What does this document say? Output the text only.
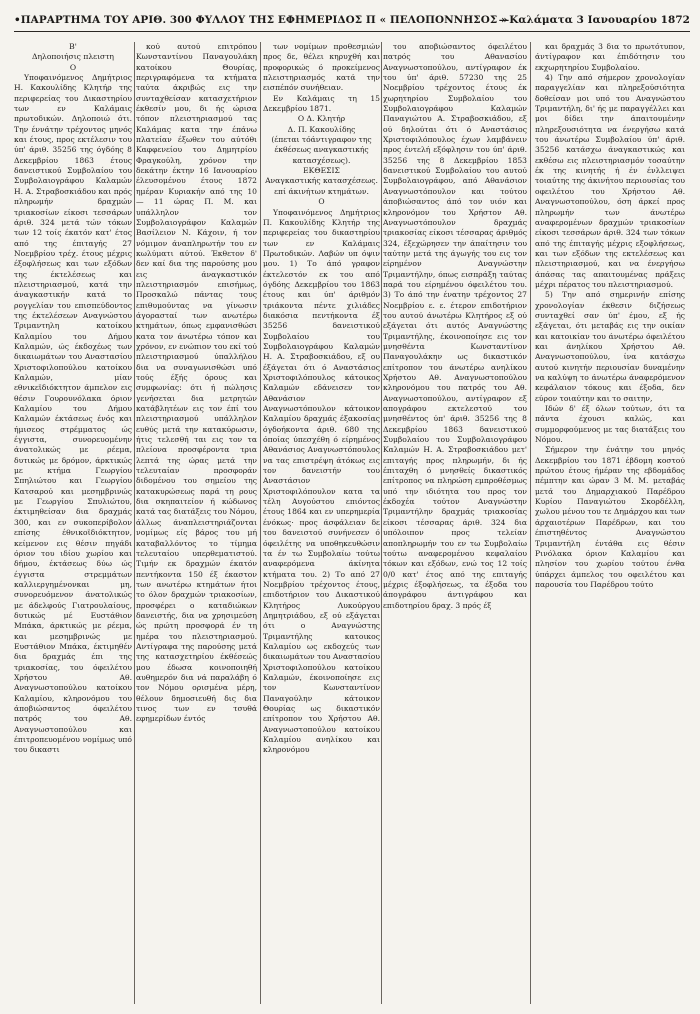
•ΠΑΡΑΡΤΗΜΑ ΤΟΥ ΑΡΙΘ. 300 ΦΥΛΛΟΥ ΤΗΣ ΕΦΗΜΕΡΙΔΟΣ Π « ΠΕΛΟΠΟΝΝΗΣΟΣ »
—Καλάματα 3 Ιανουαρίου 1872

Β'

Δηλοποιήσις πλειστη

Ο

Υποφαινόμενος Δημήτριος Η. Κακουλίδης Κλητήρ της περιφερείας του Δικαστηρίου των εν Καλάμαις πρωτοδικών. Δηλοποιώ ότι. Την έννάτην τρέχοντος μηνός και έτους, προς εκτέλεσιν του ύπ' άριθ. 35256 της όγδόης 8 Δεκεμβρίου 1863 έτους δανειστικού Συμβολαίου του Συμβολαιογράφου Καλαμών Η. Α. Στραβοσκιάδου και πρός πληρωμήν δραχμών τριακοσίων είκοσι τεσσάρων άριθ. 324 μετά τών τόκων των 12 τοίς έκατόν κατ' έτος από της έπιταγής 27 Νοεμβρίου τρέχ. έτους μέχρις έξοφλήσεως και των εξόδων της έκτελέσεως και πλειστηριασμού, κατά την άναγκαστικήν κατά το ρογγελίαν του επισπεύδοντος της έκτελέσεων Αναγνώστου Τριμαντηλη κατοίκου Καλαμίου του Δήμου Καλαμών, ώς έκδοχέως των δικαιωμάτων του Αναστασίου Χριστοφιλοπούλου κατοίκου Καλαμών, μίαν εθνικεϊδιόκτητον άμπελον εις θέσιν Γουρουνόλακα όριον Καλαμίου του Δήμου Καλαμών έκτάσεως ένός και ήμισεος στρέμματος ώς έγγιστα, συνορευομένην άνατολικώς με ρέεμα, δυτικώς με δρόμον, άρκτικώς με κτήμα Γεωργίου Σπηλιώτου και Γεωργίου Κατσαρού και μεσημβρινώς με Γεωργίου Σπυλιώτου, έκτιμηθείσαν δια δραχμάς 300, και εν συκοπερίβολον επίσης έθνικοϊδιόκτητον, κείμενον εις θέσιν πηγάδι όριον του ιδίου χωρίου και δήμου, έκτάσεως δύω ώς έγγιστα στρεμμάτων καλλιεργημένονκαι μη, συνορευόμενον άνατολικώς με άδελφούς Γιατρουλαίους, δυτικώς μέ Ευστάθιον Μπάκα, άρκτικώς με ρέεμα, και μεσημβρινώς με Ευστάθιον Μπάκα, έκτιμηθέν δια δραχμάς έπι της τριακοσίας, του όφειλέτου Χρήστου Αθ. Αναγνωστοπούλου κατοίκου Καλαμίου, κληρονόμου του άποβιώσαντος όφειλέτου πατρός του Αθ. Αναγνωστοπούλου και έπιτροπευομένου νομίμως υπό του δικαστι

κού αυτού επιτρόπου Κωνσταντίνου Παναγουλάκη κατοίκου Θουρίας, περιγραφόμενα τα κτήματα ταύτα άκριβώς εις την συνταχθείσαν κατασχετήριον έκθεσίν μου, δι ής ώρισα τόπον πλειστηριασμού τας Καλάμας κατα την έπάνω πλατείαν έξωθεν του αύτόθι Καφφενείου του Δημητρίου Φραγκούλη, χρόνον την δεκάτην έκτην 16 Ιανουαρίου έλευσομένου έτους 1872 ημέραν Κυριακήν από της 10 — 11 ώρας Π. Μ. και υπάλληλον τον Συμβολαιογράφον Καλαμών Βασίλειον Ν. Κάχοιν, ή τον νόμιμον άναπληρωτήν του εν κωλύματι αύτού. Έκθετον δ' δεν καί δια της παρούσης μου εις άναγκαστικόν πλειστηριασμόν επισήμως, Προσκαλώ πάντας τους επιθυμούντας να γίνωσιν άγορασταί των ανωτέρω κτημάτων, όπως εμφανισθώσι κατα τον άνωτέρω τόπον και χρόνον, εν ενώπιον του εκί τού πλειστηριασμού ύπαλλήλου δια να συναγωνισθώσι υπό τούς έξής όρους και συμφωνίας: ότι ή πώλησις γενήσεται δια μετρητών κατάβλητέων εις τον έπί του πλειστηριασμού υπάλληλον ευθύς μετά την κατακύρωσιν, ήτις τελεσθή ται εις τον τα πλείονα προσφέροντα τρια λεπτά της ώρας μετά την τελευταίαν προσφοράν διδομένου του σημείου της κατακυρώσεως παρά τη ρους δια σκηπαιτείον ή κώδωνος κατά τας διατάξεις του Νόμου, άλλως άναπλειστηριάζονται νομίμως είς βάρος του μή καταβαλλόντος το τίμημα τελευταίου υπερθεματιστού. Τιμήν εκ δραχμών έκατόν πεντήκοντα 150 έξ έκαστον των ανωτέρω κτημάτων ήτοι το όλον δραχμών τριακοσίων, προσφέρει ο καταδιώκων δανειστής, δια να χρησιμεύση ώς πρώτη προσφορά έν τη ημέρα του πλειστηριασμού. Αντίγραφα της παρούσης μετά της κατασχετηρίου έκθέσεώς μου έδωσα κοινοποιηθή αυθημερόν δια νά παραλάβη ό τον Νόμου ορισμένα μέρη, θέλουν δημοσιευθή δις δια τινος των εν τσυθά εφημερίδων έντός

των νομίμων προθεσμιών προς δε, θέλει κηρυχθή και προφορικώς ό προκείμενος πλειστηριασμός κατά την εισπέπόν συνήθειαν.

Εν Καλάμαις τη 15 Δεκεμβρίου 1871.

Ο Δ. Κλητήρ

Δ. Π. Κακουλίδης

(έπεται τόάντιγραφον της έκθέσεως αναγκαστικής κατασχέσεως).

ΕΚΘΕΣΙΣ

Αναγκαστικής κατασχέσεως.

επί άκινήτων κτημάτων.

Ο

Υποφαινόμενος Δημήτριος Π. Κακουλίδης Κλητήρ της περιφερείας του δικαστηρίου των εν Καλάμαις Πρωτοδικών. Λαβών υπ όψιν μου. 1) Το άπό γραφον έκτελεστόν εκ του από όγδόης Δεκεμβρίου του 1863 έτους και ύπ' άριθμόν τριάκοντα πέντε χιλιάδες διακόσια πεντήκοντα έξ 35256 δανειστικού Συμβολαίου του Συμβολαιογράφου Καλαμών Η. Α. Στραβοσκιάδου, εξ ου έξάγεται ότι ό Αναστάσιος Χριστοφιλόπουλος κάτοικος Καλαμών εδάνεισεν τον Αθανάσιον Αναγνωστόπουλον κάτοικον Καλαμίου δραχμάς έξακοσίας όγδοήκοντα άριθ. 680 της όποίας ύπεσχέθη ό είρημένος Αθανάσιος Αναγνωστόπουλος να τας επιστρέψη άτόκως εις τον δανειστήν του Αναστάσιον Χριστοφιλόπουλον κατα τα τέλη Αυγούστου επιόντος έτους 1864 και εν υπερημερία ένόκως· προς άσφάλειαν δε του δανειστού συνήνεσεν ό όφειλέτης να υποθηκευθώσιν τα έν τω Συμβολαίω τούτω αναφερόμενα άκίνητα κτήματα του. 2) Το από 27 Νοεμβρίου τρέχοντος έτους, επιδοτήριον του Δικαστικού Κλητήρος Λυκούργου Δημητριάδου, εξ ού εξάγεται ότι ο Αναγνώστης Τριμαντήλης κατοικος Καλαμίου ως εκδοχεύς των δικαιωμάτων του Αναστασίου Χριστοφιλοπούλου κατοίκου Καλαμών, έκοινοποίησε εις τον Κωνσταντίνον Παναγούλην κάτοικον Θουρίας ως δικαστικόν επίτροπον του Χρήστου Αθ. Αναγνωστοπούλου κατοίκου Καλαμίου ανηλίκου και κληρονόμου

του αποβιώσαντος όφειλέτου πατρός του Αθανασίου Αναγνωστοπούλου, αντίγραφον έκ του ύπ' άριθ. 57230 της 25 Νοεμβρίου τρέχοντος έτους έκ χωρητηρίου Συμβολαίου του Συμβολαιογράφου Καλαμών Παναγιώτου Α. Στραβοσκιάδου, εξ ού δηλούται ότι ό Αναστάσιος Χριστοφιλόπουλος έχων λαμβάνειν προς έντελή εξόφλησιν του ύπ' άριθ. 35256 της 8 Δεκεμβρίου 1853 δανειστικού Συμβολαίου του αυτού Συμβολαιογράφου, από Αθανάσιον Αναγνωστόπουλον και τούτου άποβιώσαντος άπό τον υιόν και κληρονόμον του Χρήστον Αθ. Αναγνωστόπουλον δραχμάς τριακοσίας είκοσι τέσσαρας άριθμός 324, έξεχώρησεν την άπαίτησιν του ταύτην μετά της άγωγής του εις τον είρημένον Αναγνώστην Τριμαντήλην, όπως εισπράξη ταύτας παρά του είρημένου όφειλέτου του. 3) Το άπό την ένατην τρέχοντος 27 Νοεμβρίου ε. ε. έτερον επιδοτήριον του αυτού άνωτέρω Κλητήρος εξ ού εξάγεται ότι αυτός Αναγνώστης Τριμαντήλης, έκοινοποίησε εις τον μνησθέντα Κωνσταντίνον Παναγουλάκην ως δικαστικόν επίτροπον του άνωτέρω ανηλίκου Χρήστου Αθ. Αναγνωστοπούλου κληρονόμου του πατρός του Αθ. Αναγνωστοπούλου, αντίγραφον εξ απογράφου εκτελεστού του μνησθέντος ύπ' άριθ. 35256 της 8 Δεκεμβρίου 1863 δανειστικού Συμβολαίου του Συμβολαιογράφου Καλαμών Η. Α. Στραβοσκιάδου μετ' επιταγής προς πληρωμήν, δι ής έπιταχθη ό μνησθείς δικαστικός επίτροπος να πληρώση εμπροθέσμως υπό την ιδιότητα του προς τον έκδοχέα τούτον Αναγνώστην Τριμαντήλην δραχμάς τριακοσίας είκοσι τέσσαρας άριθ. 324 δια υπόλοιπον προς τελείαν αποπληρωμήν του εν τω Συμβολαίω τούτω αναφερομένου κεφαλαίου τόκων και εξόδων, ενώ τος 12 τοίς 0/0 κατ' έτος από της επιταγής μέχρις έξοφλήσεως, τα έξοδα του άπογράφου άντιγράφου και επιδοτηρίου δραχ. 3 πρός έξ

και δραχμάς 3 δια το πρωτότυπον, άντίγραφον και έπιδότησιν του εκχωρητηρίου Συμβολαίου.

4) Την από σήμερον χρονολογίαν παραγγελίαν και πληρεξούσιότητα δοθείσαν μοι υπό του Αναγνώστου Τριμαντήλη, δι' ής με παραγγέλλει και μοι δίδει την άπαιτουμένην πληρεξουσιότητα να ένεργήσω κατά του άνωτέρω Συμβολαίου ύπ' άριθ. 35256 κατάσχω άναγκαστικώς και εκθέσω εις πλειστηριασμόν τοσαύτην έκ της κινητής ή έν ένλλειψει τοιαύτης της άκινήτου περιουσίας του οφειλέτου του Χρήστου Αθ. Αναγνωστοπούλου, όση άρκεί προς πληρωμήν των άνωτέρω αναφερομένων δραχμών τριακοσίων είκοσι τεσσάρων άριθ. 324 των τόκων από της έπιταγής μέχρις εξοφλήσεως, και των εξόδων της εκτελέσεως και πλειστηριασμού, και να ένεργήσω άπάσας τας απαιτουμένας πράξεις μέχρι πέρατος του πλειστηριασμού.

5) Την από σημερινήν επίσης χρονολογίαν έκθεσιν διζήσεως συνταχθεί σαν ύπ' έμου, εξ ής εξάγεται, ότι μεταβάς εις την οικίαν και κατοικίαν του άνωτέρω όφειλέτου και άνηλίκου Χρήστου Αθ. Αναγνωστοπούλου, ίνα κατάσχω αυτού κινητήν περιουσίαν δυναμένην να καλύψη το άνωτέρω άναφερόμενον κεφάλαιον τόκους και έξοδα, δεν εύρον τοιαύτην και το σαιτην,

Ιδών δ' έξ όλων τούτων, ότι τα πάντα έχουσι καλώς, και συμμορφούμενος με τας διατάξεις του Νόμου.

Σήμερον την ένάτην του μηνός Δεκεμβρίου του 1871 έβδομη κοστού πρώτου έτους ήμέραν της εβδομάδος πέμπτην και ώραν 3 Μ. Μ. μεταβάς μετά του Δημαρχιακού Παρέδρου Κυρίου Παναγιώτου Σκορδέλλη, χωλου μένου του τε Δημάρχου και των άρχαιοτέρων Παρέδρων, και του έπιστηθέντος Αναγνώστου Τριμαντήλη έντάθα εις θέσιν Ρινόλακα όριον Καλαμίου και πλησίον του χωρίου τούτου ένθα ύπάρχει άμπελος του οφειλέτου και παρουσία του Παρέδρου τούτο
